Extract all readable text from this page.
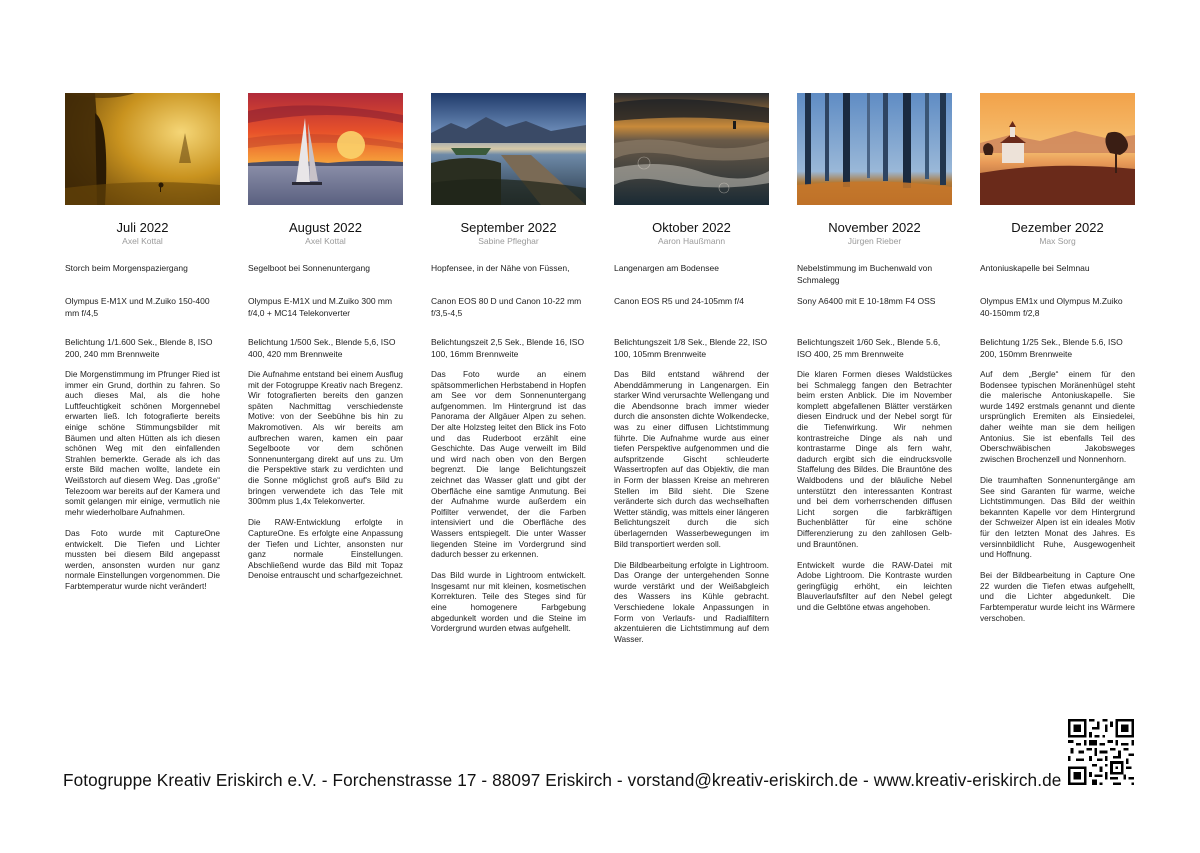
Juli 2022
Axel Kottal
Storch beim Morgenspaziergang
Olympus E-M1X und M.Zuiko 150-400 mm f/4,5
Belichtung 1/1.600 Sek., Blende 8, ISO 200, 240 mm Brennweite

Die Morgenstimmung im Pfrunger Ried ist immer ein Grund, dorthin zu fahren. So auch dieses Mal, als die hohe Luftfeuchtigkeit schönen Morgennebel erwarten ließ. Ich fotografierte bereits einige schöne Stimmungsbilder mit Bäumen und alten Hütten als ich diesen schönen Weg mit den einfallenden Strahlen bemerkte. Gerade als ich das erste Bild machen wollte, landete ein Weißstorch auf diesem Weg. Das „große“ Telezoom war bereits auf der Kamera und somit gelangen mir einige, vermutlich nie mehr wiederholbare Aufnahmen.

Das Foto wurde mit CaptureOne entwickelt. Die Tiefen und Lichter mussten bei diesem Bild angepasst werden, ansonsten wurden nur ganz normale Einstellungen vorgenommen. Die Farbtemperatur wurde nicht verändert!

August 2022
Axel Kottal
Segelboot bei Sonnenuntergang
Olympus E-M1X und M.Zuiko 300 mm f/4,0 + MC14 Telekonverter
Belichtung 1/500 Sek., Blende 5,6, ISO 400, 420 mm Brennweite

Die Aufnahme entstand bei einem Ausflug mit der Fotogruppe Kreativ nach Bregenz. Wir fotografierten bereits den ganzen späten Nachmittag verschiedenste Motive: von der Seebühne bis hin zu Makromotiven. Als wir bereits am aufbrechen waren, kamen ein paar Segelboote vor dem schönen Sonnenuntergang direkt auf uns zu. Um die Perspektive stark zu verdichten und die Sonne möglichst groß auf's Bild zu bringen verwendete ich das Tele mit 300mm plus 1,4x Telekonverter.

Die RAW-Entwicklung erfolgte in CaptureOne. Es erfolgte eine Anpassung der Tiefen und Lichter, ansonsten nur ganz normale Einstellungen. Abschließend wurde das Bild mit Topaz Denoise entrauscht und scharfgezeichnet.

September 2022
Sabine Pfleghar
Hopfensee, in der Nähe von Füssen,
Canon EOS 80 D und Canon 10-22 mm f/3,5-4,5
Belichtungszeit 2,5 Sek., Blende 16, ISO 100, 16mm Brennweite

Das Foto wurde an einem spätsommerlichen Herbstabend in Hopfen am See vor dem Sonnenuntergang aufgenommen. Im Hintergrund ist das Panorama der Allgäuer Alpen zu sehen. Der alte Holzsteg leitet den Blick ins Foto und das Ruderboot erzählt eine Geschichte. Das Auge verweilt im Bild und wird nach oben von den Bergen begrenzt. Die lange Belichtungszeit zeichnet das Wasser glatt und gibt der Oberfläche eine samtige Anmutung. Bei der Aufnahme wurde außerdem ein Polfilter verwendet, der die Farben intensiviert und die Oberfläche des Wassers entspiegelt. Die unter Wasser liegenden Steine im Vordergrund sind dadurch besser zu erkennen.

Das Bild wurde in Lightroom entwickelt. Insgesamt nur mit kleinen, kosmetischen Korrekturen. Teile des Steges sind für eine homogenere Farbgebung abgedunkelt worden und die Steine im Vordergrund wurden etwas aufgehellt.

Oktober 2022
Aaron Haußmann
Langenargen am Bodensee
Canon EOS R5 und 24-105mm f/4
Belichtungszeit 1/8 Sek., Blende 22, ISO 100, 105mm Brennweite

Das Bild entstand während der Abenddämmerung in Langenargen. Ein starker Wind verursachte Wellengang und die Abendsonne brach immer wieder durch die ansonsten dichte Wolkendecke, was zu einer diffusen Lichtstimmung führte. Die Aufnahme wurde aus einer tiefen Perspektive aufgenommen und die aufspritzende Gischt schleuderte Wassertropfen auf das Objektiv, die man in Form der blassen Kreise an mehreren Stellen im Bild sieht. Die Szene veränderte sich durch das wechselhaften Wetter ständig, was mittels einer längeren Belichtungszeit durch die sich überlagernden Wasserbewegungen im Bild transportiert werden soll.

Die Bildbearbeitung erfolgte in Lightroom. Das Orange der untergehenden Sonne wurde verstärkt und der Weißabgleich des Wassers ins Kühle gebracht. Verschiedene lokale Anpassungen in Form von Verlaufs- und Radialfiltern akzentuieren die Lichtstimmung auf dem Wasser.

November 2022
Jürgen Rieber
Nebelstimmung im Buchenwald von Schmalegg
Sony A6400 mit E 10-18mm F4 OSS
Belichtungszeit 1/60 Sek., Blende 5.6, ISO 400, 25 mm Brennweite

Die klaren Formen dieses Waldstückes bei Schmalegg fangen den Betrachter beim ersten Anblick. Die im November komplett abgefallenen Blätter verstärken diesen Eindruck und der Nebel sorgt für die Tiefenwirkung. Wir nehmen kontrastreiche Dinge als nah und kontrastarme Dinge als fern wahr, dadurch ergibt sich die eindrucksvolle Staffelung des Bildes. Die Brauntöne des Waldbodens und der bläuliche Nebel unterstützt den interessanten Kontrast und bei dem vorherrschenden diffusen Licht sorgen die farbkräftigen Buchenblätter für eine schöne Differenzierung zu den zahllosen Gelb- und Brauntönen.

Entwickelt wurde die RAW-Datei mit Adobe Lightroom. Die Kontraste wurden geringfügig erhöht, ein leichten Blauverlaufsfilter auf den Nebel gelegt und die Gelbtöne etwas angehoben.

Dezember 2022
Max Sorg
Antoniuskapelle bei Selmnau
Olympus EM1x und Olympus M.Zuiko 40-150mm f/2,8
Belichtung 1/25 Sek., Blende 5.6, ISO 200, 150mm Brennweite

Auf dem „Bergle“ einem für den Bodensee typischen Moränenhügel steht die malerische Antoniuskapelle. Sie wurde 1492 erstmals genannt und diente ursprünglich Eremiten als Einsiedelei, daher weihte man sie dem heiligen Antonius. Sie ist ebenfalls Teil des Oberschwäbischen Jakobsweges zwischen Brochenzell und Nonnenhorn.

Die traumhaften Sonnenuntergänge am See sind Garanten für warme, weiche Lichtstimmungen. Das Bild der weithin bekannten Kapelle vor dem Hintergrund der Schweizer Alpen ist ein ideales Motiv für den letzten Monat des Jahres. Es versinnbildlicht Ruhe, Ausgewogenheit und Hoffnung.

Bei der Bildbearbeitung in Capture One 22 wurden die Tiefen etwas aufgehellt, und die Lichter abgedunkelt. Die Farbtemperatur wurde leicht ins Wärmere verschoben.

Fotogruppe Kreativ Eriskirch e.V. - Forchenstrasse 17 - 88097 Eriskirch - vorstand@kreativ-eriskirch.de - www.kreativ-eriskirch.de
